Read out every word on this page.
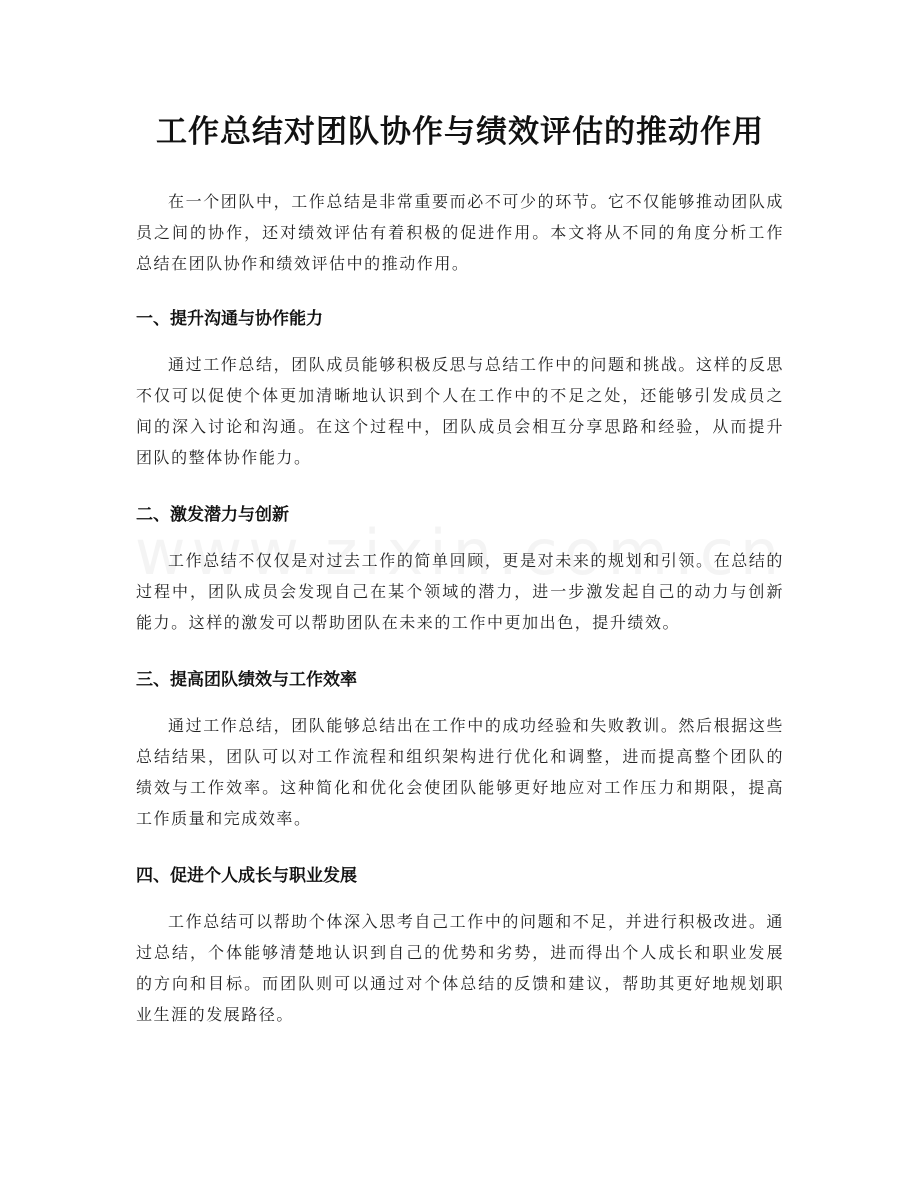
工作总结对团队协作与绩效评估的推动作用

在一个团队中，工作总结是非常重要而必不可少的环节。它不仅能够推动团队成员之间的协作，还对绩效评估有着积极的促进作用。本文将从不同的角度分析工作总结在团队协作和绩效评估中的推动作用。

一、提升沟通与协作能力

通过工作总结，团队成员能够积极反思与总结工作中的问题和挑战。这样的反思不仅可以促使个体更加清晰地认识到个人在工作中的不足之处，还能够引发成员之间的深入讨论和沟通。在这个过程中，团队成员会相互分享思路和经验，从而提升团队的整体协作能力。

二、激发潜力与创新

工作总结不仅仅是对过去工作的简单回顾，更是对未来的规划和引领。在总结的过程中，团队成员会发现自己在某个领域的潜力，进一步激发起自己的动力与创新能力。这样的激发可以帮助团队在未来的工作中更加出色，提升绩效。

三、提高团队绩效与工作效率

通过工作总结，团队能够总结出在工作中的成功经验和失败教训。然后根据这些总结结果，团队可以对工作流程和组织架构进行优化和调整，进而提高整个团队的绩效与工作效率。这种简化和优化会使团队能够更好地应对工作压力和期限，提高工作质量和完成效率。

四、促进个人成长与职业发展

工作总结可以帮助个体深入思考自己工作中的问题和不足，并进行积极改进。通过总结，个体能够清楚地认识到自己的优势和劣势，进而得出个人成长和职业发展的方向和目标。而团队则可以通过对个体总结的反馈和建议，帮助其更好地规划职业生涯的发展路径。
